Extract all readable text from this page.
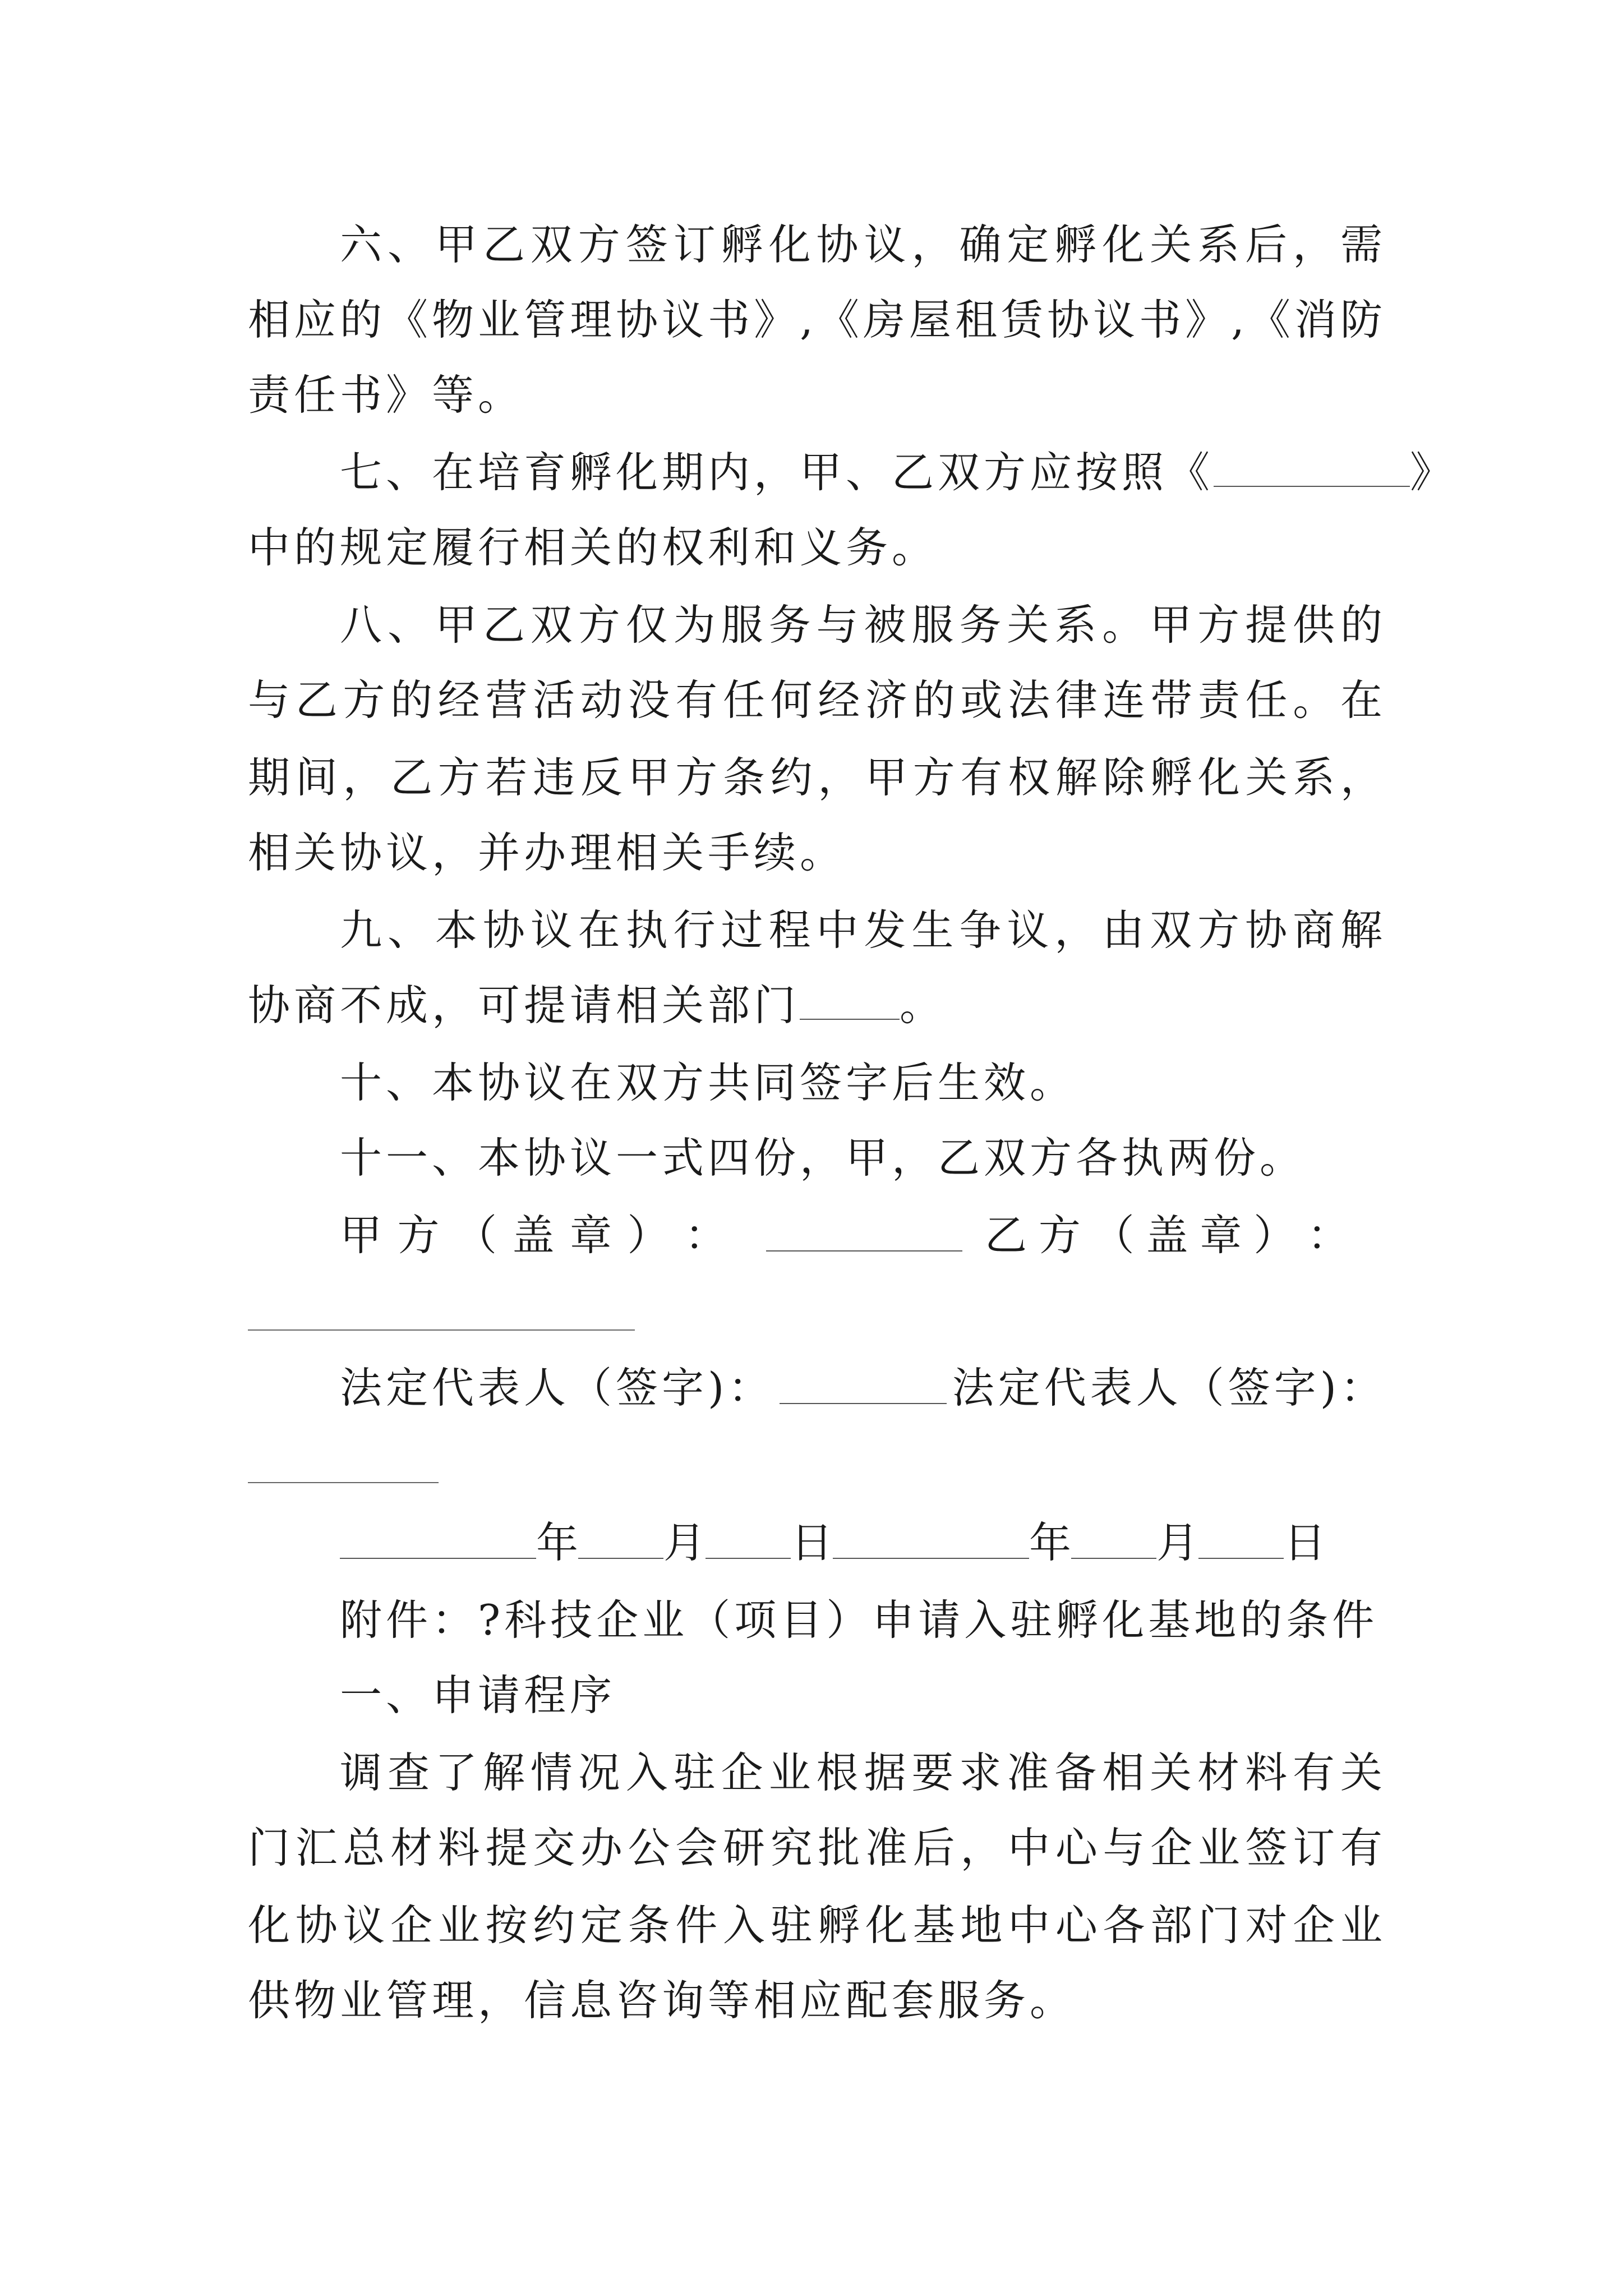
六、甲乙双方签订孵化协议，确定孵化关系后，需
相应的《物业管理协议书》,《房屋租赁协议书》,《消防
责任书》等。
七、在培育孵化期内，甲、乙双方应按照《	》
中的规定履行相关的权利和义务。
八、甲乙双方仅为服务与被服务关系。甲方提供的
与乙方的经营活动没有任何经济的或法律连带责任。在
期间，乙方若违反甲方条约，甲方有权解除孵化关系，
相关协议，并办理相关手续。
九、本协议在执行过程中发生争议，由双方协商解
协商不成，可提请相关部门 。
十、本协议在双方共同签字后生效。
十一、本协议一式四份，甲，乙双方各执两份。
甲 方 （ 盖 章 ） ：	乙 方 （ 盖 章 ） ：
法定代表人（签字)：	法定代表人（签字)：
年 月 日	年 月 日
附件：?科技企业（项目）申请入驻孵化基地的条件
一、申请程序
调查了解情况入驻企业根据要求准备相关材料有关
门汇总材料提交办公会研究批准后，中心与企业签订有
化协议企业按约定条件入驻孵化基地中心各部门对企业
供物业管理，信息咨询等相应配套服务。
